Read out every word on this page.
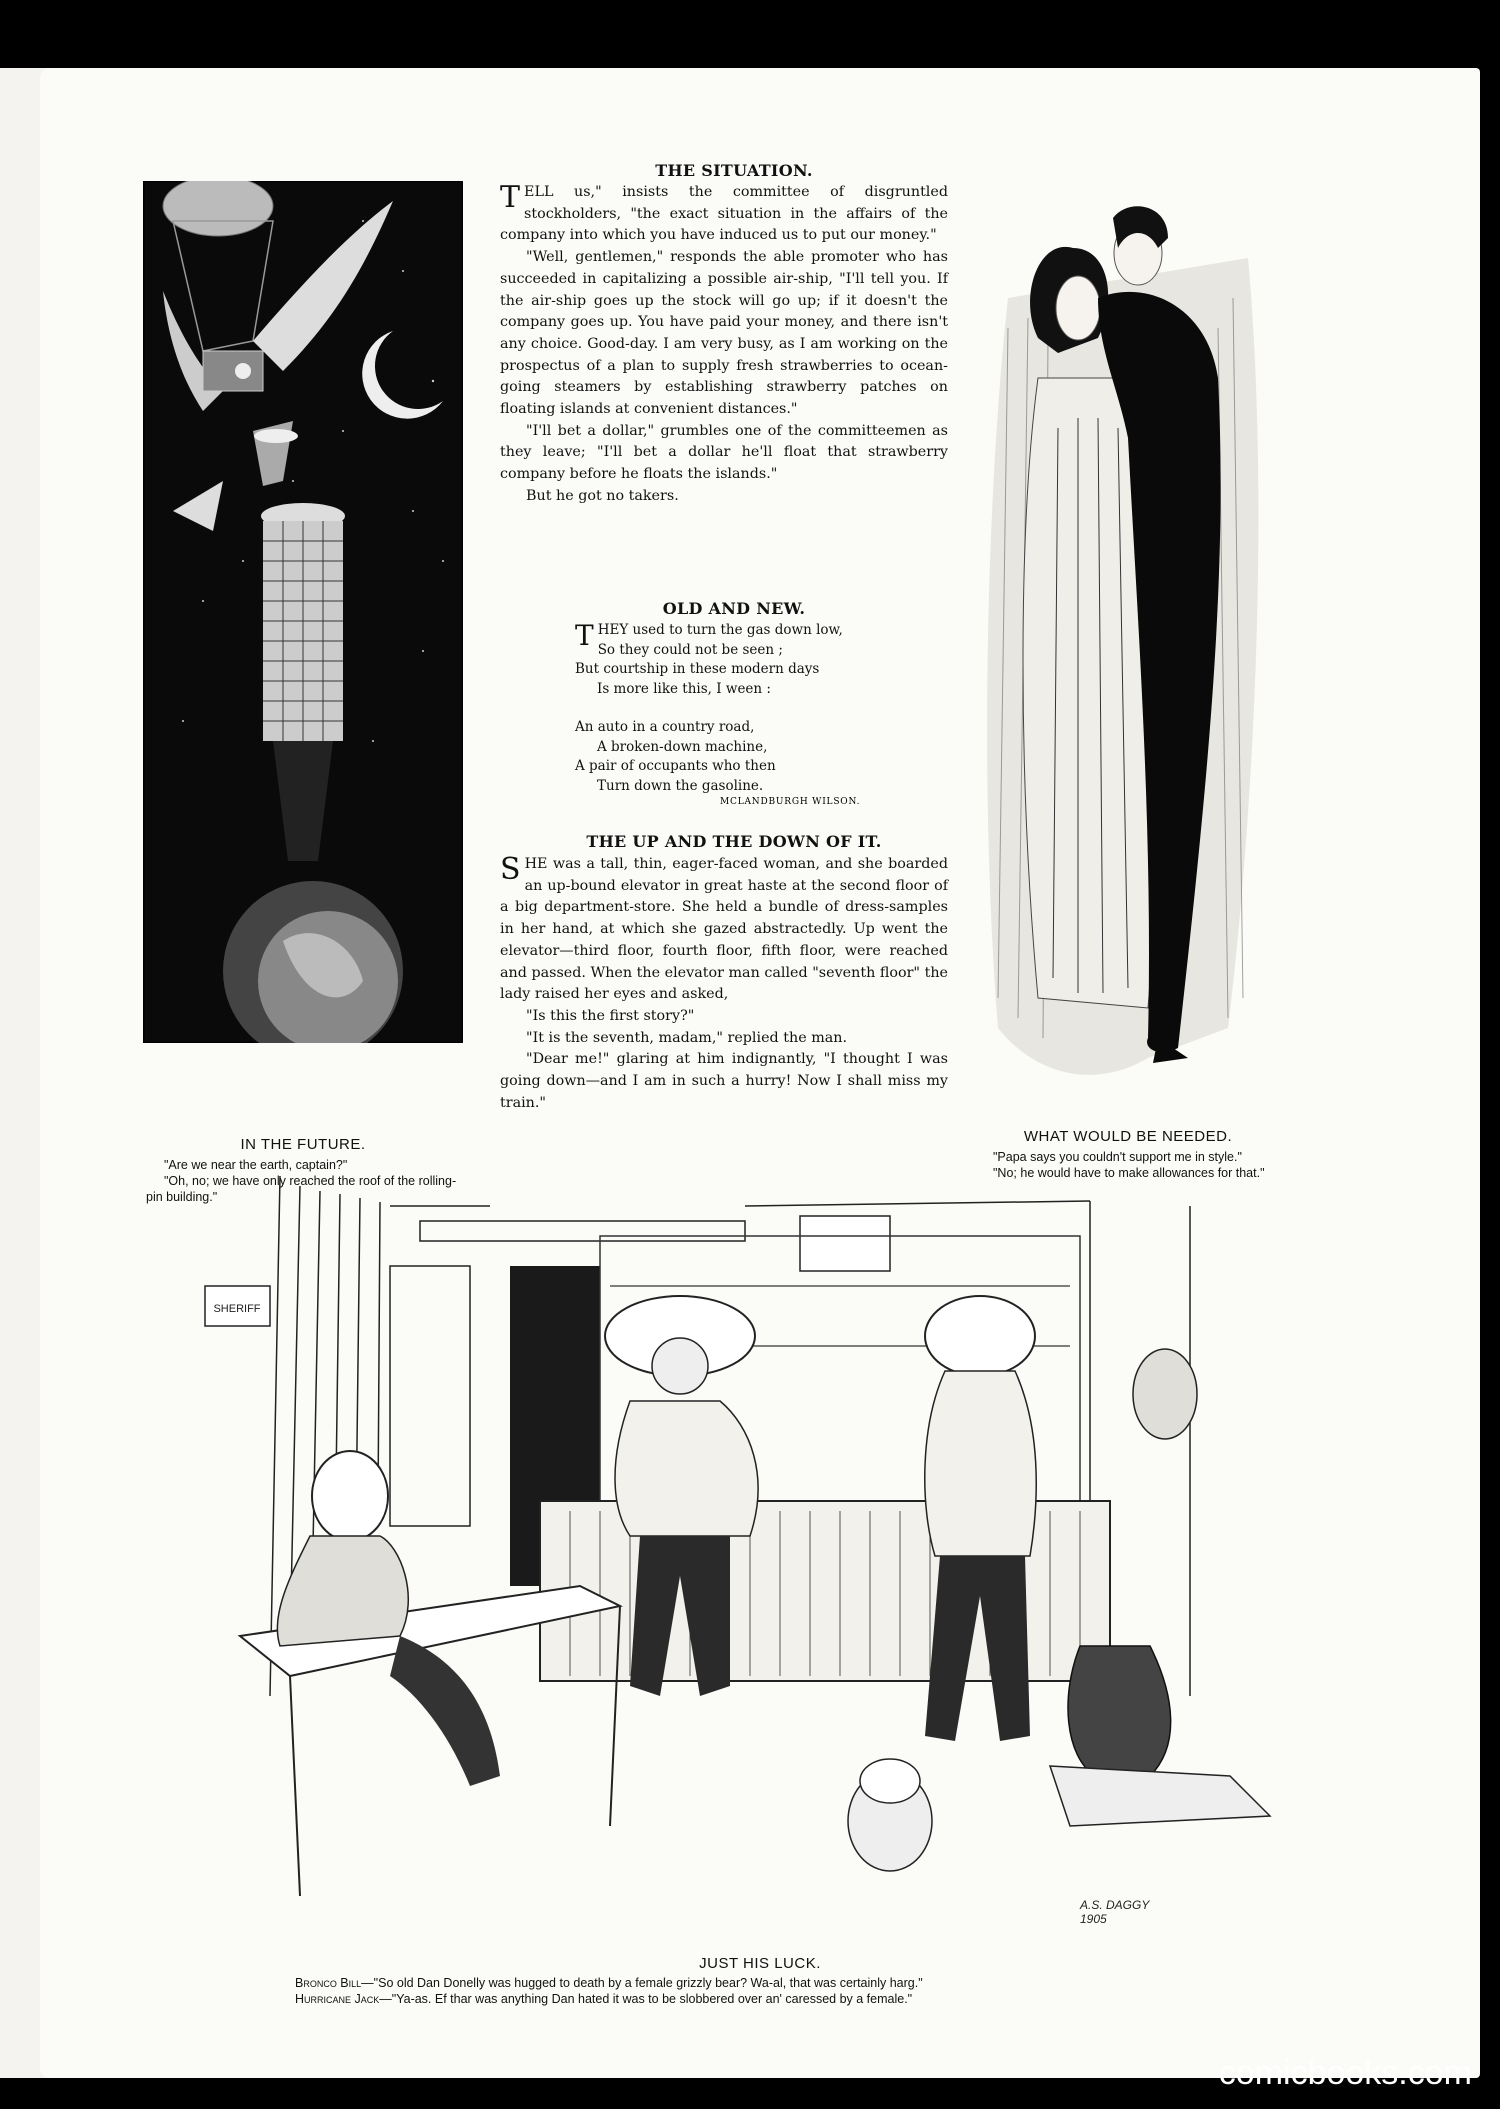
IN THE FUTURE.

"Are we near the earth, captain?"

"Oh, no; we have only reached the roof of the rolling-pin building."

THE SITUATION.

TELL us," insists the committee of disgruntled stockholders, "the exact situation in the affairs of the company into which you have induced us to put our money."

"Well, gentlemen," responds the able promoter who has succeeded in capitalizing a possible air-ship, "I'll tell you. If the air-ship goes up the stock will go up; if it doesn't the company goes up. You have paid your money, and there isn't any choice. Good-day. I am very busy, as I am working on the prospectus of a plan to supply fresh strawberries to ocean-going steamers by establishing strawberry patches on floating islands at convenient distances."

"I'll bet a dollar," grumbles one of the committeemen as they leave; "I'll bet a dollar he'll float that strawberry company before he floats the islands."

But he got no takers.

OLD AND NEW.
THEY used to turn the gas down low,
So they could not be seen ;
But courtship in these modern days
Is more like this, I ween :
An auto in a country road,
A broken-down machine,
A pair of occupants who then
Turn down the gasoline.
MCLANDBURGH WILSON.
THE UP AND THE DOWN OF IT.

SHE was a tall, thin, eager-faced woman, and she boarded an up-bound elevator in great haste at the second floor of a big department-store. She held a bundle of dress-samples in her hand, at which she gazed abstractedly. Up went the elevator—third floor, fourth floor, fifth floor, were reached and passed. When the elevator man called "seventh floor" the lady raised her eyes and asked,

"Is this the first story?"

"It is the seventh, madam," replied the man.

"Dear me!" glaring at him indignantly, "I thought I was going down—and I am in such a hurry! Now I shall miss my train."

WHAT WOULD BE NEEDED.

"Papa says you couldn't support me in style."

"No; he would have to make allowances for that."

SHERIFF
A.S. DAGGY 1905
JUST HIS LUCK.
Bronco Bill—"So old Dan Donelly was hugged to death by a female grizzly bear? Wa-al, that was certainly harg."
Hurricane Jack—"Ya-as. Ef thar was anything Dan hated it was to be slobbered over an' caressed by a female."
comicbooks.com
